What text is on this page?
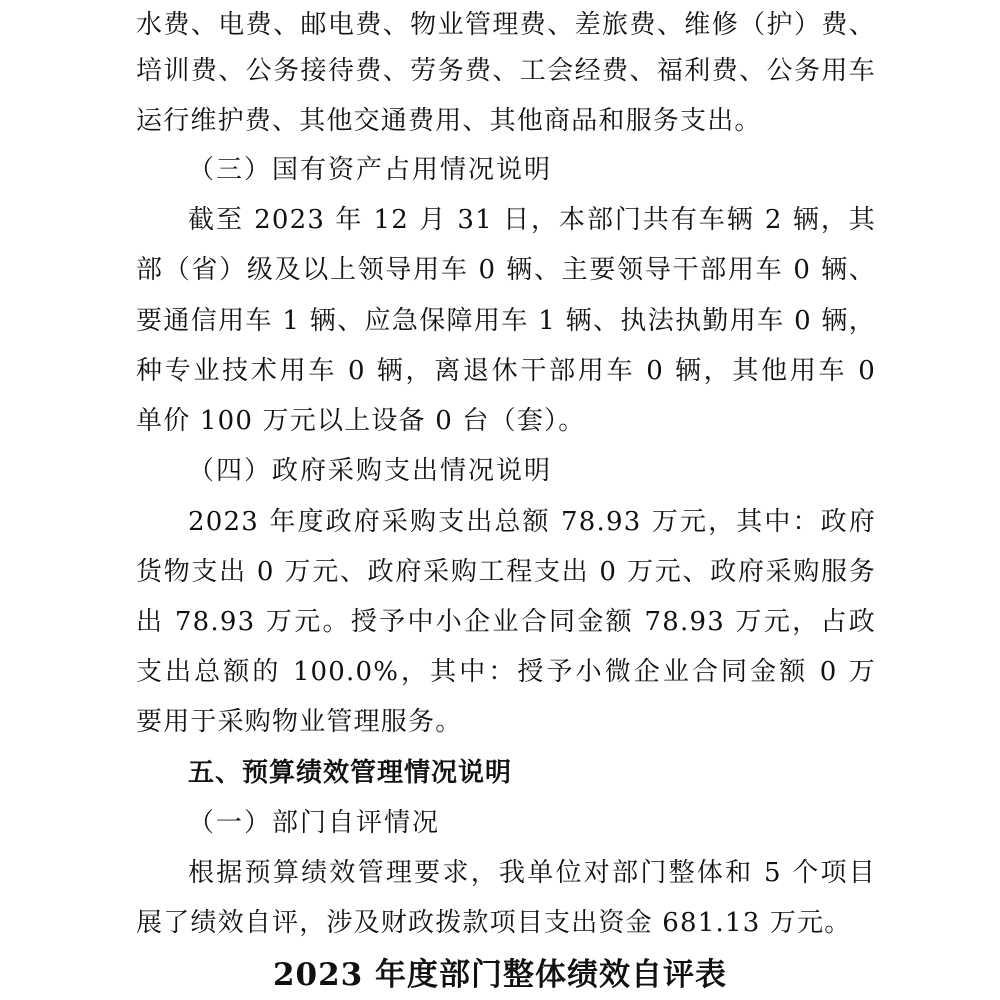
水费、电费、邮电费、物业管理费、差旅费、维修（护）费、
培训费、公务接待费、劳务费、工会经费、福利费、公务用车
运行维护费、其他交通费用、其他商品和服务支出。
（三）国有资产占用情况说明
截至 2023 年 12 月 31 日，本部门共有车辆 2 辆，其
部（省）级及以上领导用车 0 辆、主要领导干部用车 0 辆、
要通信用车 1 辆、应急保障用车 1 辆、执法执勤用车 0 辆，
种专业技术用车 0 辆，离退休干部用车 0 辆，其他用车 0
单价 100 万元以上设备 0 台（套）。
（四）政府采购支出情况说明
2023 年度政府采购支出总额 78.93 万元，其中：政府
货物支出 0 万元、政府采购工程支出 0 万元、政府采购服务
出 78.93 万元。授予中小企业合同金额 78.93 万元，占政
支出总额的 100.0%，其中：授予小微企业合同金额 0 万
要用于采购物业管理服务。
五、预算绩效管理情况说明
（一）部门自评情况
根据预算绩效管理要求，我单位对部门整体和 5 个项目
展了绩效自评，涉及财政拨款项目支出资金 681.13 万元。
2023 年度部门整体绩效自评表
